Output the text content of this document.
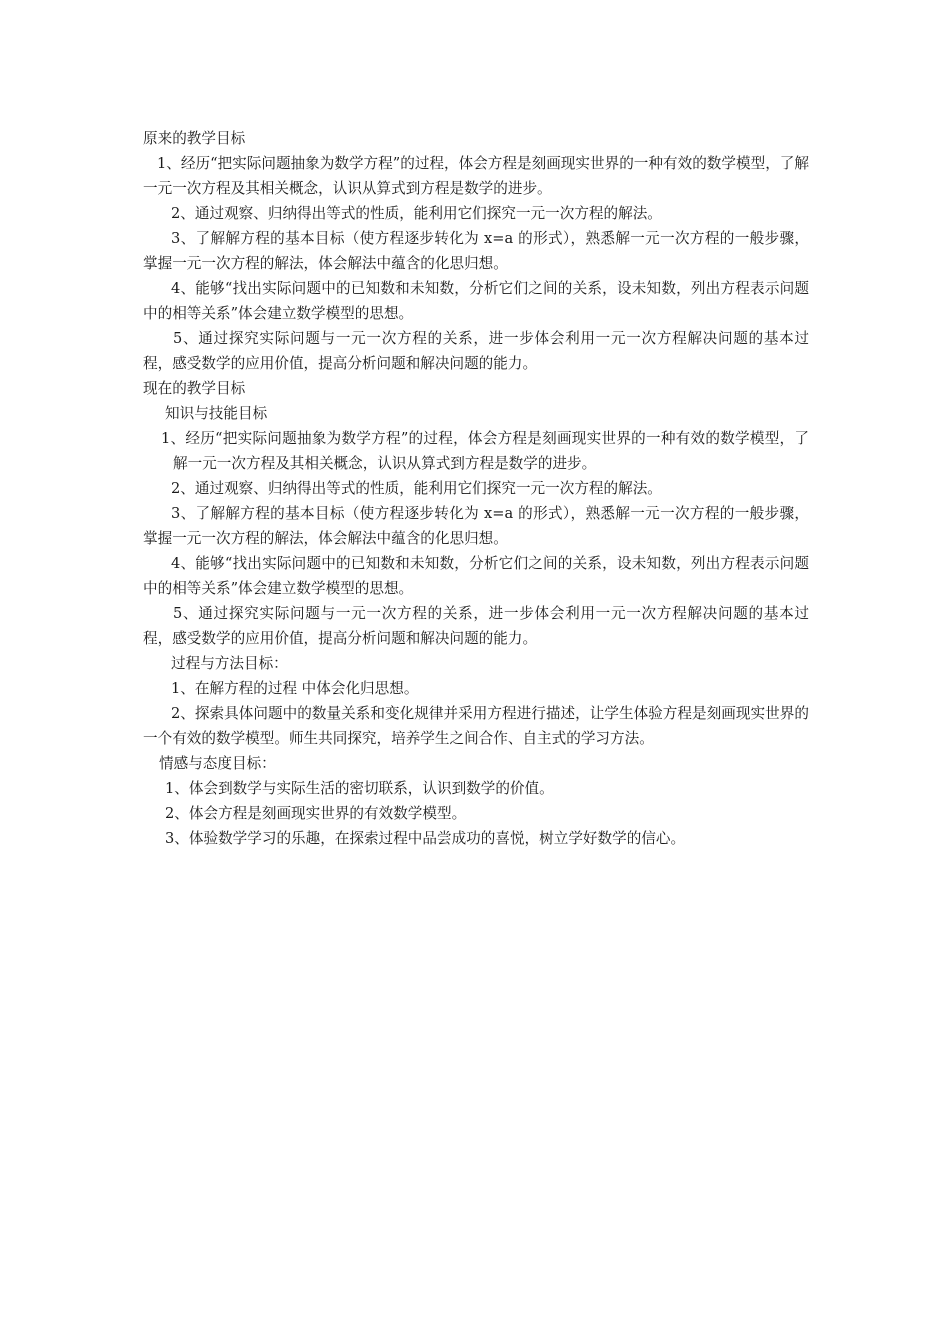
原来的教学目标

1、经历“把实际问题抽象为数学方程”的过程，体会方程是刻画现实世界的一种有效的数学模型，了解一元一次方程及其相关概念，认识从算式到方程是数学的进步。

2、通过观察、归纳得出等式的性质，能利用它们探究一元一次方程的解法。

3、了解解方程的基本目标（使方程逐步转化为 x=a 的形式），熟悉解一元一次方程的一般步骤，掌握一元一次方程的解法，体会解法中蕴含的化思归想。

4、能够“找出实际问题中的已知数和未知数，分析它们之间的关系，设未知数，列出方程表示问题中的相等关系”体会建立数学模型的思想。

5、通过探究实际问题与一元一次方程的关系，进一步体会利用一元一次方程解决问题的基本过程，感受数学的应用价值，提高分析问题和解决问题的能力。

现在的教学目标

知识与技能目标

1、经历“把实际问题抽象为数学方程”的过程，体会方程是刻画现实世界的一种有效的数学模型，了解一元一次方程及其相关概念，认识从算式到方程是数学的进步。

2、通过观察、归纳得出等式的性质，能利用它们探究一元一次方程的解法。

3、了解解方程的基本目标（使方程逐步转化为 x=a 的形式），熟悉解一元一次方程的一般步骤，掌握一元一次方程的解法，体会解法中蕴含的化思归想。

4、能够“找出实际问题中的已知数和未知数，分析它们之间的关系，设未知数，列出方程表示问题中的相等关系”体会建立数学模型的思想。

5、通过探究实际问题与一元一次方程的关系，进一步体会利用一元一次方程解决问题的基本过程，感受数学的应用价值，提高分析问题和解决问题的能力。

过程与方法目标：

1、在解方程的过程 中体会化归思想。

2、探索具体问题中的数量关系和变化规律并采用方程进行描述，让学生体验方程是刻画现实世界的一个有效的数学模型。师生共同探究，培养学生之间合作、自主式的学习方法。

情感与态度目标：

1、体会到数学与实际生活的密切联系，认识到数学的价值。

2、体会方程是刻画现实世界的有效数学模型。

3、体验数学学习的乐趣，在探索过程中品尝成功的喜悦，树立学好数学的信心。
